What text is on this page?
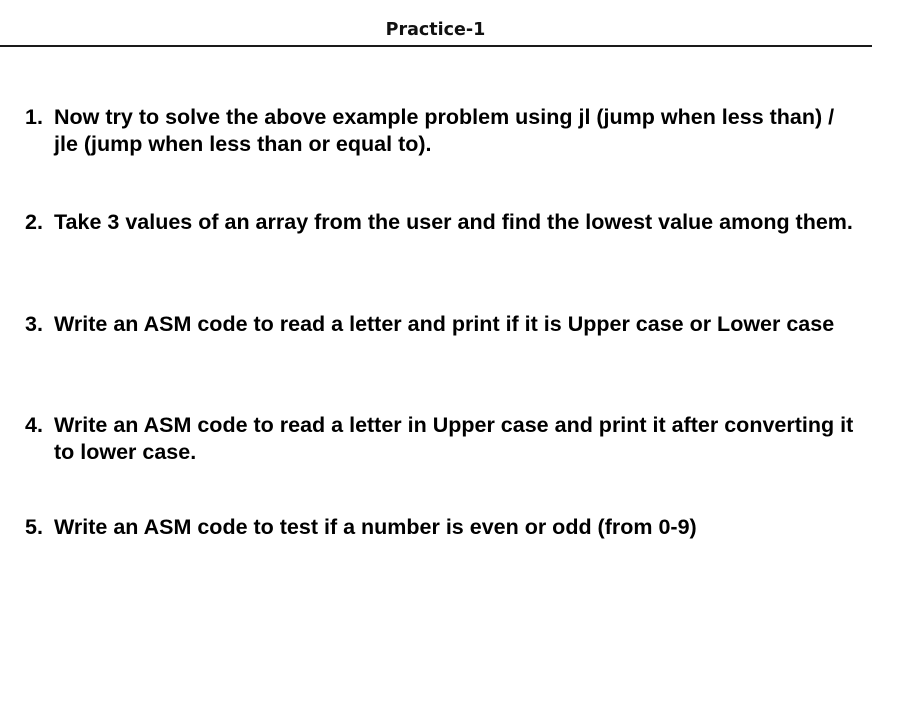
Practice-1
1. Now try to solve the above example problem using jl (jump when less than) / jle (jump when less than or equal to).
2. Take 3 values of an array from the user and find the lowest value among them.
3. Write an ASM code to read a letter and print if it is Upper case or Lower case
4. Write an ASM code to read a letter in Upper case and print it after converting it to lower case.
5. Write an ASM code to test if a number is even or odd (from 0-9)
